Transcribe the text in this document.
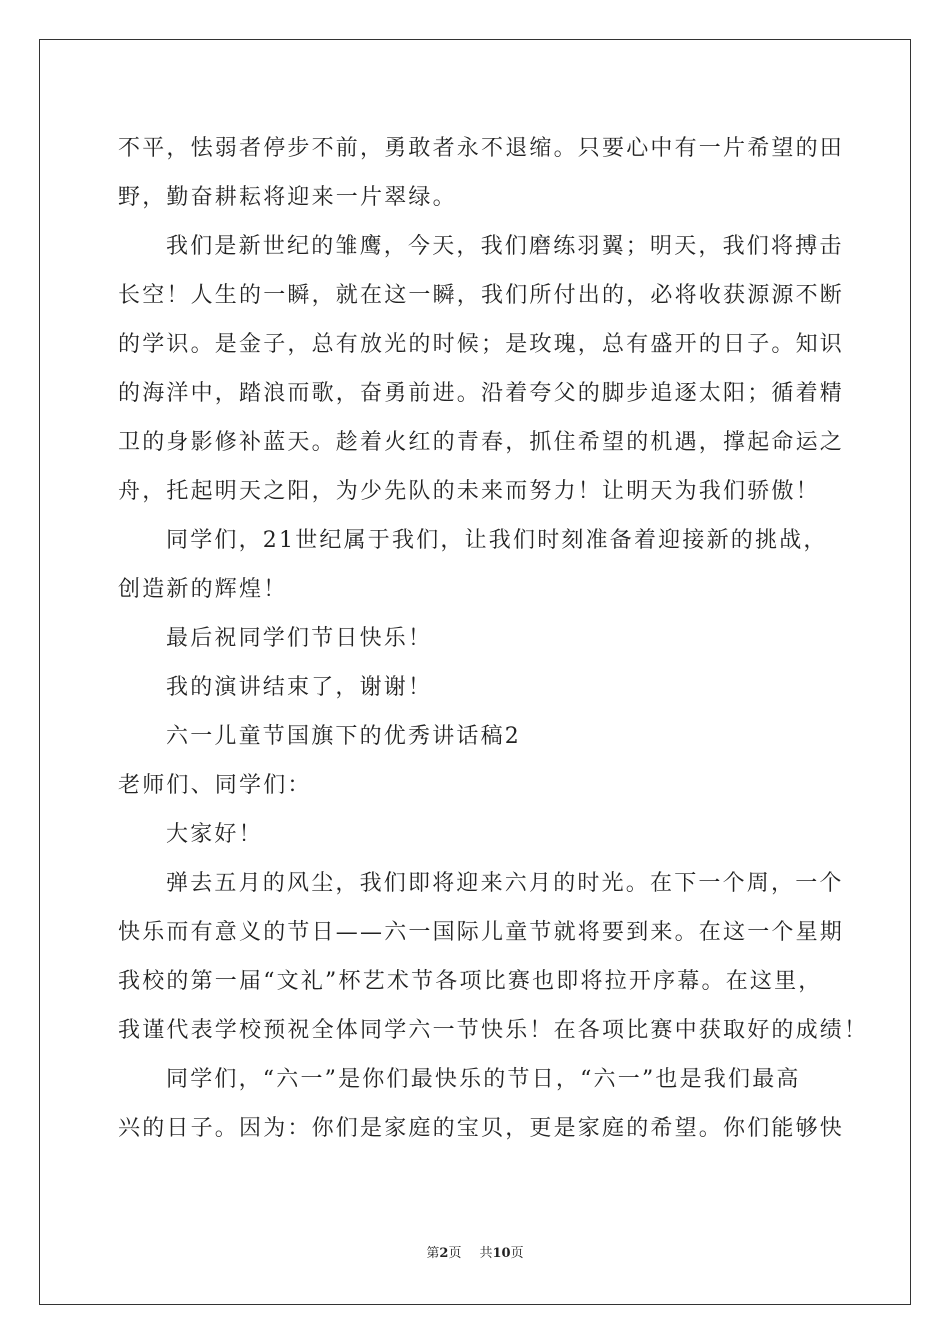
不平，怯弱者停步不前，勇敢者永不退缩。只要心中有一片希望的田
野，勤奋耕耘将迎来一片翠绿。
我们是新世纪的雏鹰，今天，我们磨练羽翼；明天，我们将搏击
长空！人生的一瞬，就在这一瞬，我们所付出的，必将收获源源不断
的学识。是金子，总有放光的时候；是玫瑰，总有盛开的日子。知识
的海洋中，踏浪而歌，奋勇前进。沿着夸父的脚步追逐太阳；循着精
卫的身影修补蓝天。趁着火红的青春，抓住希望的机遇，撑起命运之
舟，托起明天之阳，为少先队的未来而努力！让明天为我们骄傲！
同学们，21世纪属于我们，让我们时刻准备着迎接新的挑战，
创造新的辉煌！
最后祝同学们节日快乐！
我的演讲结束了，谢谢！
六一儿童节国旗下的优秀讲话稿2
老师们、同学们：
大家好！
弹去五月的风尘，我们即将迎来六月的时光。在下一个周，一个
快乐而有意义的节日——六一国际儿童节就将要到来。在这一个星期
我校的第一届“文礼”杯艺术节各项比赛也即将拉开序幕。在这里，
我谨代表学校预祝全体同学六一节快乐！在各项比赛中获取好的成绩！
同学们，“六一”是你们最快乐的节日，“六一”也是我们最高
兴的日子。因为：你们是家庭的宝贝，更是家庭的希望。你们能够快
第2页 共10页
